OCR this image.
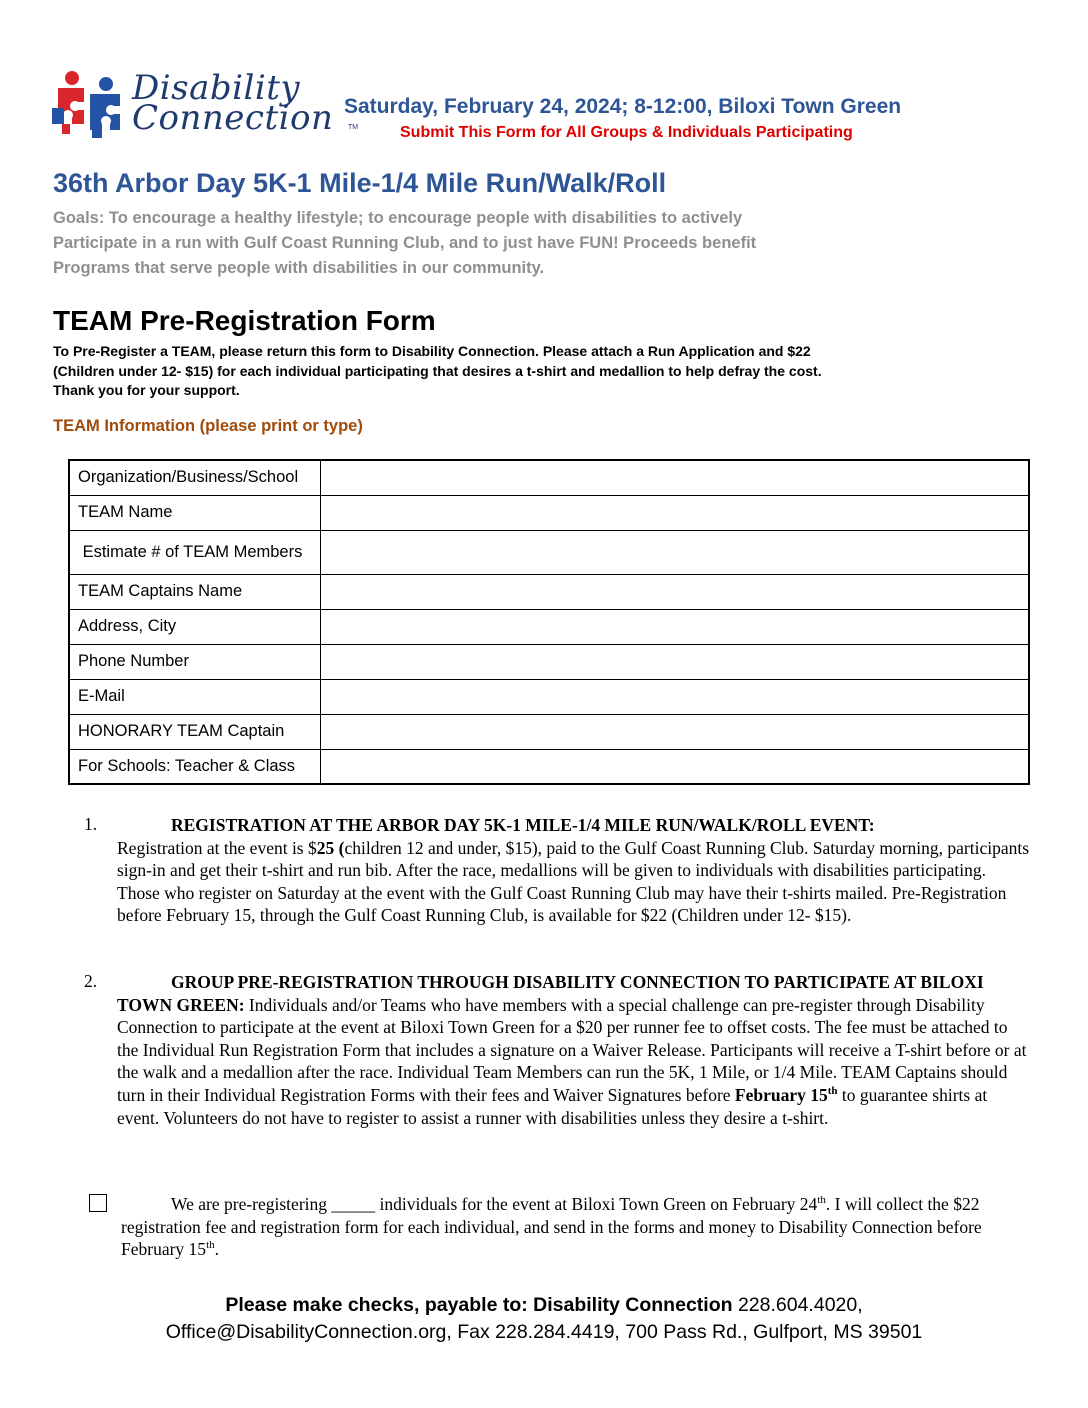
Disability
Connection TM
Saturday, February 24, 2024; 8-12:00, Biloxi Town Green
Submit This Form for All Groups & Individuals Participating
36th Arbor Day 5K-1 Mile-1/4 Mile Run/Walk/Roll
Goals: To encourage a healthy lifestyle; to encourage people with disabilities to actively
Participate in a run with Gulf Coast Running Club, and to just have FUN! Proceeds benefit
Programs that serve people with disabilities in our community.
TEAM Pre-Registration Form
To Pre-Register a TEAM, please return this form to Disability Connection. Please attach a Run Application and $22
(Children under 12- $15) for each individual participating that desires a t-shirt and medallion to help defray the cost.
Thank you for your support.
TEAM Information (please print or type)
Organization/Business/School	
TEAM Name	
Estimate # of TEAM Members	
TEAM Captains Name	
Address, City	
Phone Number	
E-Mail	
HONORARY TEAM Captain	
For Schools: Teacher & Class	
1.	REGISTRATION AT THE ARBOR DAY 5K-1 MILE-1/4 MILE RUN/WALK/ROLL EVENT:
Registration at the event is $25 (children 12 and under, $15), paid to the Gulf Coast Running Club. Saturday morning, participants sign-in and get their t-shirt and run bib. After the race, medallions will be given to individuals with disabilities participating. Those who register on Saturday at the event with the Gulf Coast Running Club may have their t-shirts mailed. Pre-Registration before February 15, through the Gulf Coast Running Club, is available for $22 (Children under 12- $15).
2.	GROUP PRE-REGISTRATION THROUGH DISABILITY CONNECTION TO PARTICIPATE AT BILOXI TOWN GREEN: Individuals and/or Teams who have members with a special challenge can pre-register through Disability Connection to participate at the event at Biloxi Town Green for a $20 per runner fee to offset costs. The fee must be attached to the Individual Run Registration Form that includes a signature on a Waiver Release. Participants will receive a T-shirt before or at the walk and a medallion after the race. Individual Team Members can run the 5K, 1 Mile, or 1/4 Mile. TEAM Captains should turn in their Individual Registration Forms with their fees and Waiver Signatures before February 15th to guarantee shirts at event. Volunteers do not have to register to assist a runner with disabilities unless they desire a t-shirt.
We are pre-registering _____ individuals for the event at Biloxi Town Green on February 24th. I will collect the $22 registration fee and registration form for each individual, and send in the forms and money to Disability Connection before February 15th.
Please make checks, payable to: Disability Connection 228.604.4020,
Office@DisabilityConnection.org, Fax 228.284.4419, 700 Pass Rd., Gulfport, MS 39501
